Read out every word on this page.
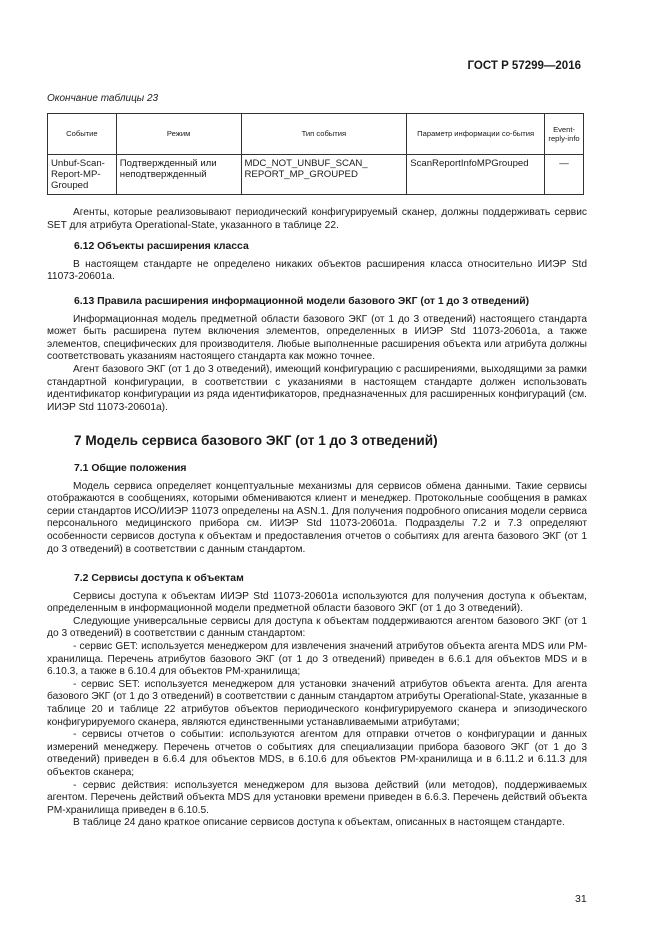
ГОСТ Р 57299—2016
Окончание таблицы 23
Событие	Режим	Тип события	Параметр информации со-бытия	Event-reply-info
Unbuf-Scan-Report-MP-Grouped	Подтвержденный или неподтвержденный	MDC_NOT_UNBUF_SCAN_ REPORT_MP_GROUPED	ScanReportInfoMPGrouped	—

Агенты, которые реализовывают периодический конфигурируемый сканер, должны поддерживать сервис SET для атрибута Operational-State, указанного в таблице 22.

6.12 Объекты расширения класса

В настоящем стандарте не определено никаких объектов расширения класса относительно ИИЭР Std 11073-20601a.

6.13 Правила расширения информационной модели базового ЭКГ (от 1 до 3 отведений)

Информационная модель предметной области базового ЭКГ (от 1 до 3 отведений) настоящего стандарта может быть расширена путем включения элементов, определенных в ИИЭР Std 11073-20601a, а также элементов, специфических для производителя. Любые выполненные расширения объекта или атрибута должны соответствовать указаниям настоящего стандарта как можно точнее.

Агент базового ЭКГ (от 1 до 3 отведений), имеющий конфигурацию с расширениями, выходящими за рамки стандартной конфигурации, в соответствии с указаниями в настоящем стандарте должен использовать идентификатор конфигурации из ряда идентификаторов, предназначенных для расширенных конфигураций (см. ИИЭР Std 11073-20601a).

7 Модель сервиса базового ЭКГ (от 1 до 3 отведений)
7.1 Общие положения

Модель сервиса определяет концептуальные механизмы для сервисов обмена данными. Такие сервисы отображаются в сообщениях, которыми обмениваются клиент и менеджер. Протокольные сообщения в рамках серии стандартов ИСО/ИИЭР 11073 определены на ASN.1. Для получения подробного описания модели сервиса персонального медицинского прибора см. ИИЭР Std 11073-20601a. Подразделы 7.2 и 7.3 определяют особенности сервисов доступа к объектам и предоставления отчетов о событиях для агента базового ЭКГ (от 1 до 3 отведений) в соответствии с данным стандартом.

7.2 Сервисы доступа к объектам

Сервисы доступа к объектам ИИЭР Std 11073-20601a используются для получения доступа к объектам, определенным в информационной модели предметной области базового ЭКГ (от 1 до 3 отведений).

Следующие универсальные сервисы для доступа к объектам поддерживаются агентом базового ЭКГ (от 1 до 3 отведений) в соответствии с данным стандартом:

- сервис GET: используется менеджером для извлечения значений атрибутов объекта агента MDS или PM-хранилища. Перечень атрибутов базового ЭКГ (от 1 до 3 отведений) приведен в 6.6.1 для объектов MDS и в 6.10.3, а также в 6.10.4 для объектов PM-хранилища;

- сервис SET: используется менеджером для установки значений атрибутов объекта агента. Для агента базового ЭКГ (от 1 до 3 отведений) в соответствии с данным стандартом атрибуты Operational-State, указанные в таблице 20 и таблице 22 атрибутов объектов периодического конфигурируемого сканера и эпизодического конфигурируемого сканера, являются единственными устанавливаемыми атрибутами;

- сервисы отчетов о событии: используются агентом для отправки отчетов о конфигурации и данных измерений менеджеру. Перечень отчетов о событиях для специализации прибора базового ЭКГ (от 1 до 3 отведений) приведен в 6.6.4 для объектов MDS, в 6.10.6 для объектов PM-хранилища и в 6.11.2 и 6.11.3 для объектов сканера;

- сервис действия: используется менеджером для вызова действий (или методов), поддерживаемых агентом. Перечень действий объекта MDS для установки времени приведен в 6.6.3. Перечень действий объекта PM-хранилища приведен в 6.10.5.

В таблице 24 дано краткое описание сервисов доступа к объектам, описанных в настоящем стандарте.

31
